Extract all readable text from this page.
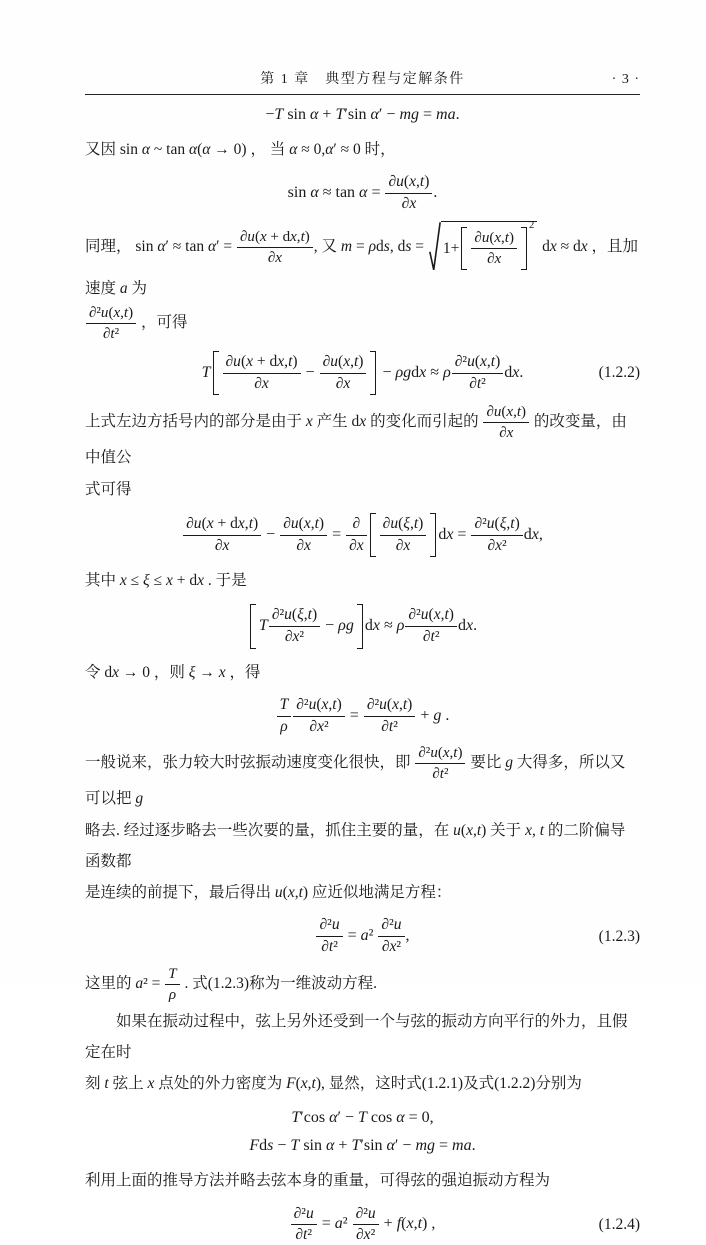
第 1 章　典型方程与定解条件	· 3 ·
−T sin α + T′sin α′ − mg = ma.
又因 sin α ~ tan α(α → 0) ， 当 α ≈ 0,α′ ≈ 0 时，
$\sin \alpha \approx \tan \alpha = \frac{\partial u(x,t)}{\partial x}$ .
同理， $\sin \alpha' \approx \tan \alpha' = \frac{\partial u(x + dx,t)}{\partial x}$ , 又 m = ρds, ds = $1+ \frac{\partial u(x,t)}{\partial x}$
$^2$
dx ≈ dx ，且加速度 a 为

$\frac{\text{∂²u(x,t)}}{\text{∂t²}}$ ，可得
T $\frac{\partial u(x + dx,t)}{\partial x} - \frac{\partial u(x,t)}{\partial x} - \rho gdx \approx \rho \frac{\text{∂²u(x,t)}}{\text{∂t²}}$ dx.	(1.2.2)
上式左边方括号内的部分是由于 x 产生 dx 的变化而引起的 $\frac{\partial u(x,t)}{\partial x}$ 的改变量，由中值公
式可得
$\frac{\partial u(x + dx,t)}{\partial x} - \frac{\partial u(x,t)}{\partial x} = \frac{\partial}{\partial x} \frac{\partial u(\xi,t)}{\partial x}$ dx = $\frac{\text{∂²u(ξ,t)}}{\text{∂x²}}$ dx,
其中 x ≤ ξ ≤ x + dx . 于是
T $\frac{\text{∂²u(ξ,t)}}{\text{∂x²}} - \rho g$ dx ≈ ρ $\frac{\text{∂²u(x,t)}}{\text{∂t²}}$ dx.
令 dx → 0 ，则 ξ → x ，得
$\frac{T}{\rho} \frac{\text{∂²u(x,t)}}{\text{∂x²}} = \frac{\text{∂²u(x,t)}}{\text{∂t²}} + g$ .
一般说来，张力较大时弦振动速度变化很快，即 $\frac{\text{∂²u(x,t)}}{\text{∂t²}}$ 要比 g 大得多，所以又可以把 g
略去. 经过逐步略去一些次要的量，抓住主要的量，在 u(x,t) 关于 x, t 的二阶偏导函数都
是连续的前提下，最后得出 u(x,t) 应近似地满足方程：
$\frac{\text{∂²u}}{\text{∂t²}} = a^2 \frac{\text{∂²u}}{\text{∂x²}}$ ,	(1.2.3)
这里的 $a^2 = \frac{T}{\rho}$ . 式(1.2.3)称为一维波动方程.
如果在振动过程中，弦上另外还受到一个与弦的振动方向平行的外力，且假定在时
刻 t 弦上 x 点处的外力密度为 F(x,t), 显然，这时式(1.2.1)及式(1.2.2)分别为
T′cos α′ − T cos α = 0,
Fds − T sin α + T′sin α′ − mg = ma.
利用上面的推导方法并略去弦本身的重量，可得弦的强迫振动方程为
$\frac{\text{∂²u}}{\text{∂t²}} = a^2 \frac{\text{∂²u}}{\text{∂x²}} + f(x,t)$ ,	(1.2.4)
